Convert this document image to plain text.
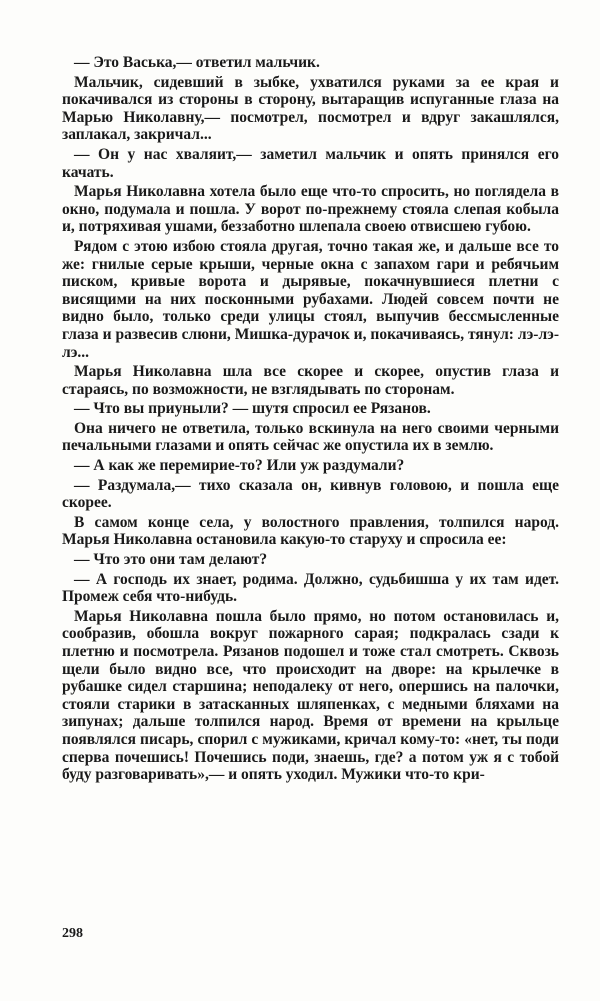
— Это Васька,— ответил мальчик.

Мальчик, сидевший в зыбке, ухватился руками за ее края и покачивался из стороны в сторону, вытаращив испуганные глаза на Марью Николавну,— посмотрел, посмотрел и вдруг закашлялся, заплакал, закричал...

— Он у нас хваляит,— заметил мальчик и опять принялся его качать.

Марья Николавна хотела было еще что-то спросить, но поглядела в окно, подумала и пошла. У ворот по-прежнему стояла слепая кобыла и, потряхивая ушами, беззаботно шлепала своею отвисшею губою.

Рядом с этою избою стояла другая, точно такая же, и дальше все то же: гнилые серые крыши, черные окна с запахом гари и ребячьим писком, кривые ворота и дырявые, покачнувшиеся плетни с висящими на них посконными рубахами. Людей совсем почти не видно было, только среди улицы стоял, выпучив бессмысленные глаза и развесив слюни, Мишка-дурачок и, покачиваясь, тянул: лэ-лэ-лэ...

Марья Николавна шла все скорее и скорее, опустив глаза и стараясь, по возможности, не взглядывать по сторонам.

— Что вы приуныли? — шутя спросил ее Рязанов.

Она ничего не ответила, только вскинула на него своими черными печальными глазами и опять сейчас же опустила их в землю.

— А как же перемирие-то? Или уж раздумали?

— Раздумала,— тихо сказала он, кивнув головою, и пошла еще скорее.

В самом конце села, у волостного правления, толпился народ. Марья Николавна остановила какую-то старуху и спросила ее:

— Что это они там делают?

— А господь их знает, родима. Должно, судьбишша у их там идет. Промеж себя что-нибудь.

Марья Николавна пошла было прямо, но потом остановилась и, сообразив, обошла вокруг пожарного сарая; подкралась сзади к плетню и посмотрела. Рязанов подошел и тоже стал смотреть. Сквозь щели было видно все, что происходит на дворе: на крылечке в рубашке сидел старшина; неподалеку от него, опершись на палочки, стояли старики в затасканных шляпенках, с медными бляхами на зипунах; дальше толпился народ. Время от времени на крыльце появлялся писарь, спорил с мужиками, кричал кому-то: «нет, ты поди сперва почешись! Почешись поди, знаешь, где? а потом уж я с тобой буду разговаривать»,— и опять уходил. Мужики что-то кри-

298
